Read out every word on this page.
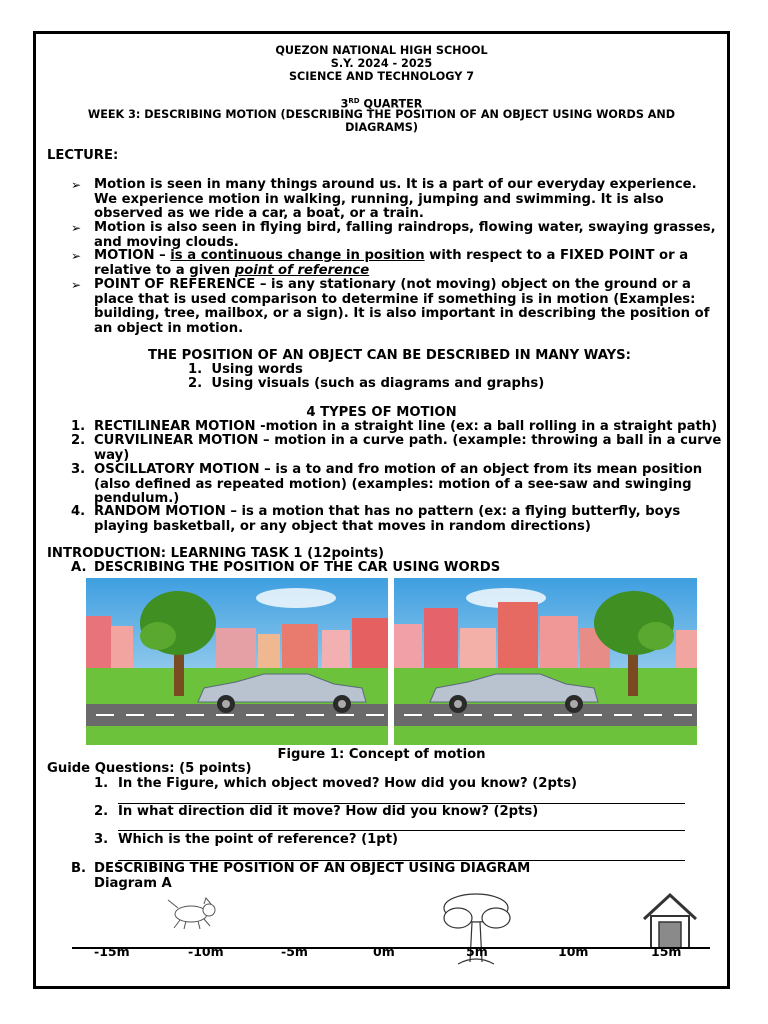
QUEZON NATIONAL HIGH SCHOOL
S.Y. 2024 - 2025
SCIENCE AND TECHNOLOGY 7
3RD QUARTER
WEEK 3: DESCRIBING MOTION (DESCRIBING THE POSITION OF AN OBJECT USING WORDS AND DIAGRAMS)
LECTURE:
➢ Motion is seen in many things around us. It is a part of our everyday experience. We experience motion in walking, running, jumping and swimming. It is also observed as we ride a car, a boat, or a train.
➢ Motion is also seen in flying bird, falling raindrops, flowing water, swaying grasses, and moving clouds.
➢ MOTION – is a continuous change in position with respect to a FIXED POINT or a relative to a given point of reference
➢ POINT OF REFERENCE – is any stationary (not moving) object on the ground or a place that is used comparison to determine if something is in motion (Examples: building, tree, mailbox, or a sign). It is also important in describing the position of an object in motion.
THE POSITION OF AN OBJECT CAN BE DESCRIBED IN MANY WAYS:
1.  Using words
2.  Using visuals (such as diagrams and graphs)
4 TYPES OF MOTION
1. RECTILINEAR MOTION -motion in a straight line (ex: a ball rolling in a straight path)
2. CURVILINEAR MOTION – motion in a curve path. (example: throwing a ball in a curve way)
3. OSCILLATORY MOTION – is a to and fro motion of an object from its mean position (also defined as repeated motion) (examples: motion of a see-saw and swinging pendulum.)
4. RANDOM MOTION – is a motion that has no pattern (ex: a flying butterfly, boys playing basketball, or any object that moves in random directions)
INTRODUCTION: LEARNING TASK 1 (12points)
A. DESCRIBING THE POSITION OF THE CAR USING WORDS
Figure 1: Concept of motion
Guide Questions: (5 points)
1. In the Figure, which object moved? How did you know? (2pts)
2. In what direction did it move? How did you know? (2pts)
3. Which is the point of reference? (1pt)
B. DESCRIBING THE POSITION OF AN OBJECT USING DIAGRAM
Diagram A
-15m	-10m	-5m	0m	5m	10m	15m
